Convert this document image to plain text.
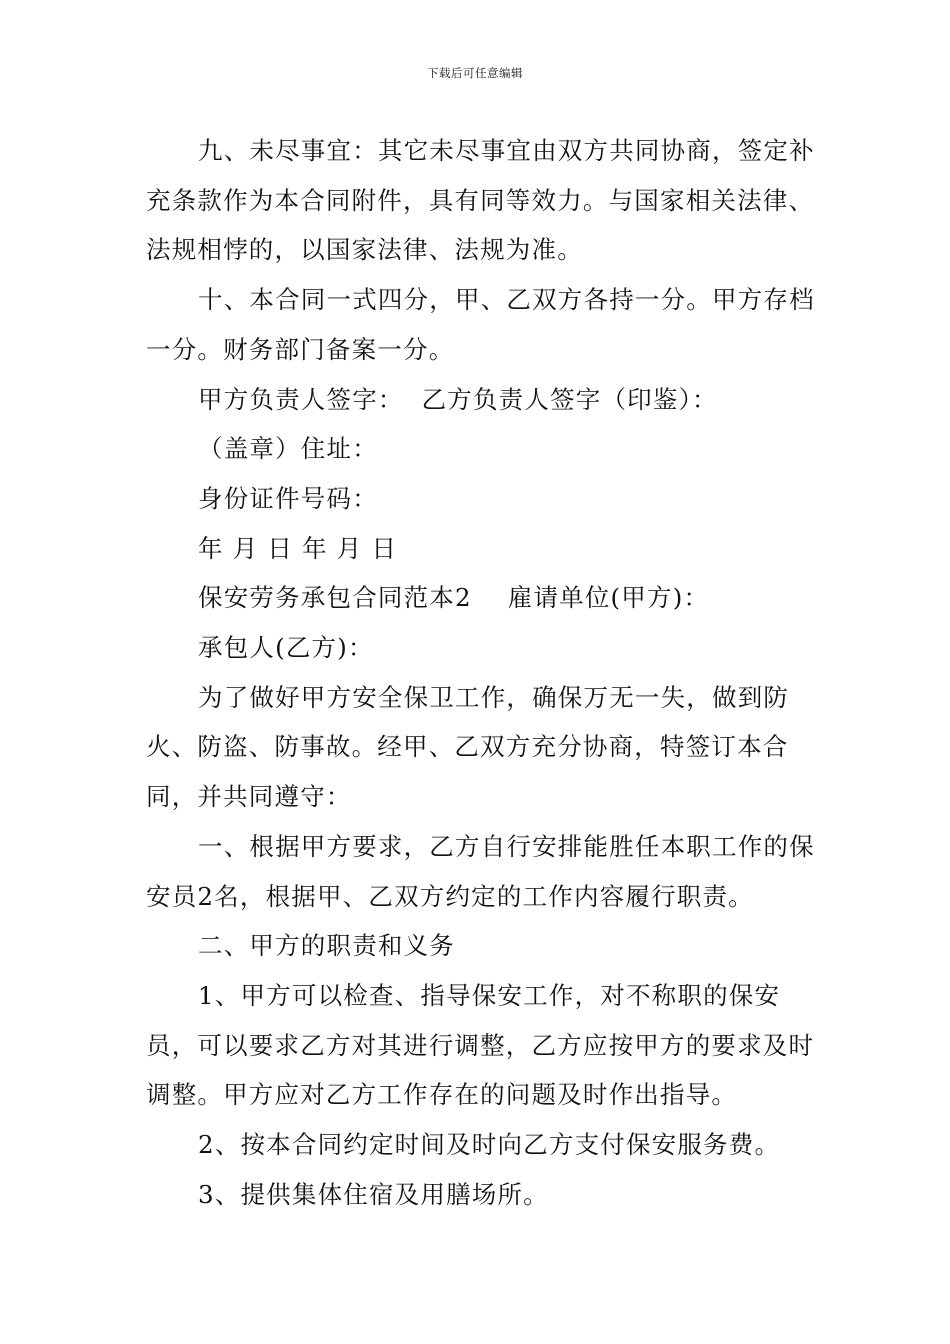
下载后可任意编辑

九、未尽事宜：其它未尽事宜由双方共同协商，签定补充条款作为本合同附件，具有同等效力。与国家相关法律、法规相悖的，以国家法律、法规为准。

十、本合同一式四分，甲、乙双方各持一分。甲方存档一分。财务部门备案一分。

甲方负责人签字：  乙方负责人签字（印鉴）：

（盖章）住址：

身份证件号码：

年 月 日 年 月 日

保安劳务承包合同范本2    雇请单位(甲方)：

承包人(乙方)：

为了做好甲方安全保卫工作，确保万无一失，做到防火、防盗、防事故。经甲、乙双方充分协商，特签订本合同，并共同遵守：

一、根据甲方要求，乙方自行安排能胜任本职工作的保安员2名，根据甲、乙双方约定的工作内容履行职责。

二、甲方的职责和义务

1、甲方可以检查、指导保安工作，对不称职的保安员，可以要求乙方对其进行调整，乙方应按甲方的要求及时调整。甲方应对乙方工作存在的问题及时作出指导。

2、按本合同约定时间及时向乙方支付保安服务费。

3、提供集体住宿及用膳场所。
